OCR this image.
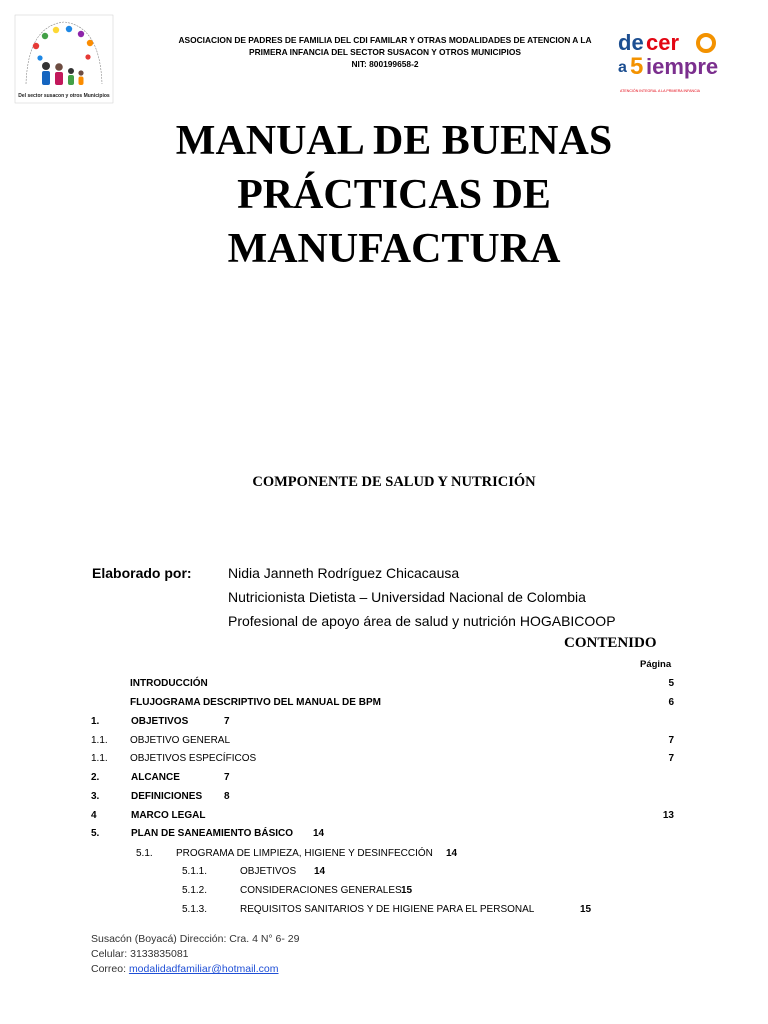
Del sector susacon y otros Municipios
ASOCIACION DE PADRES DE FAMILIA DEL CDI FAMILAR Y OTRAS MODALIDADES DE ATENCION A LA
PRIMERA INFANCIA DEL SECTOR SUSACON Y OTROS MUNICIPIOS
NIT: 800199658-2
de cer
a 5 iempre
ATENCIÓN INTEGRAL A LA PRIMERA INFANCIA
MANUAL DE BUENAS
PRÁCTICAS DE
MANUFACTURA
COMPONENTE DE SALUD Y NUTRICIÓN
Elaborado por:	Nidia Janneth Rodríguez Chicacausa
Nutricionista Dietista – Universidad Nacional de Colombia
Profesional de apoyo área de salud y nutrición HOGABICOOP
CONTENIDO
Página
INTRODUCCIÓN	5
FLUJOGRAMA DESCRIPTIVO DEL MANUAL DE BPM	6
1.	OBJETIVOS	7
1.1. OBJETIVO GENERAL	7
1.1. OBJETIVOS ESPECÍFICOS	7
2.	ALCANCE	7
3.	DEFINICIONES 8
4	MARCO LEGAL	13
5.	PLAN DE SANEAMIENTO BÁSICO 14
5.1. PROGRAMA DE LIMPIEZA, HIGIENE Y DESINFECCIÓN 14
5.1.1.	OBJETIVOS 14
5.1.2.	CONSIDERACIONES GENERALES 15
5.1.3.	REQUISITOS SANITARIOS Y DE HIGIENE PARA EL PERSONAL	15
Susacón (Boyacá) Dirección: Cra. 4 N° 6- 29
Celular: 3133835081
Correo: modalidadfamiliar@hotmail.com
